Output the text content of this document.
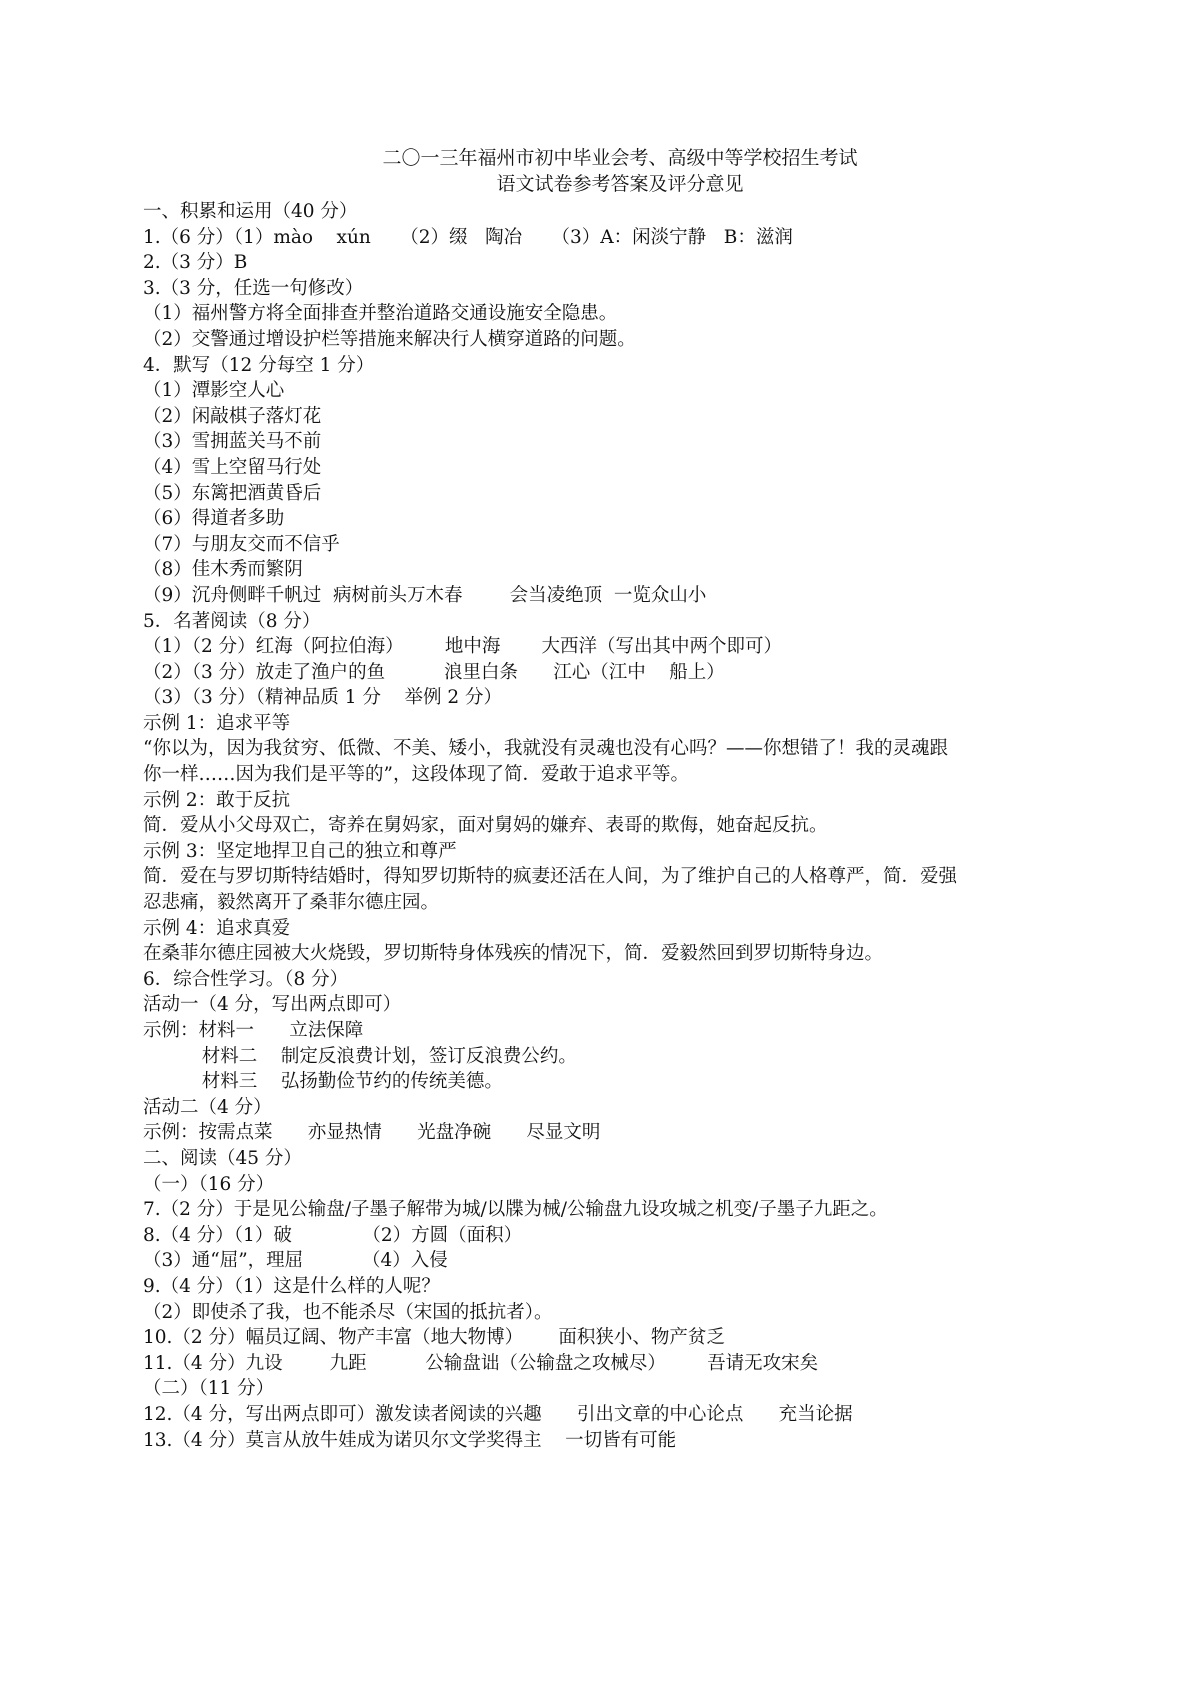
二〇一三年福州市初中毕业会考、高级中等学校招生考试

语文试卷参考答案及评分意见

一、积累和运用（40 分）

1.（6 分）（1）mào    xún     （2）缀   陶冶     （3）A：闲淡宁静   B：滋润

2.（3 分）B

3.（3 分，任选一句修改）

（1）福州警方将全面排查并整治道路交通设施安全隐患。

（2）交警通过增设护栏等措施来解决行人横穿道路的问题。

4．默写（12 分每空 1 分）

（1）潭影空人心

（2）闲敲棋子落灯花

（3）雪拥蓝关马不前

（4）雪上空留马行处

（5）东篱把酒黄昏后

（6）得道者多助

（7）与朋友交而不信乎

（8）佳木秀而繁阴

（9）沉舟侧畔千帆过  病树前头万木春        会当凌绝顶  一览众山小

5．名著阅读（8 分）

（1）（2 分）红海（阿拉伯海）       地中海       大西洋（写出其中两个即可）

（2）（3 分）放走了渔户的鱼          浪里白条      江心（江中    船上）

（3）（3 分）（精神品质 1 分    举例 2 分）

示例 1：追求平等

“你以为，因为我贫穷、低微、不美、矮小，我就没有灵魂也没有心吗？——你想错了！我的灵魂跟

你一样……因为我们是平等的”，这段体现了简．爱敢于追求平等。

示例 2：敢于反抗

简．爱从小父母双亡，寄养在舅妈家，面对舅妈的嫌弃、表哥的欺侮，她奋起反抗。

示例 3：坚定地捍卫自己的独立和尊严

简．爱在与罗切斯特结婚时，得知罗切斯特的疯妻还活在人间，为了维护自己的人格尊严，简．爱强

忍悲痛，毅然离开了桑菲尔德庄园。

示例 4：追求真爱

在桑菲尔德庄园被大火烧毁，罗切斯特身体残疾的情况下，简．爱毅然回到罗切斯特身边。

6．综合性学习。（8 分）

活动一（4 分，写出两点即可）

示例：材料一      立法保障

材料二    制定反浪费计划，签订反浪费公约。

材料三    弘扬勤俭节约的传统美德。

活动二（4 分）

示例：按需点菜      亦显热情      光盘净碗      尽显文明

二、阅读（45 分）

（一）（16 分）

7.（2 分）于是见公输盘/子墨子解带为城/以牒为械/公输盘九设攻城之机变/子墨子九距之。

8.（4 分）（1）破            （2）方圆（面积）

（3）通“屈”，理屈          （4）入侵

9.（4 分）（1）这是什么样的人呢？

（2）即使杀了我，也不能杀尽（宋国的抵抗者）。

10.（2 分）幅员辽阔、物产丰富（地大物博）      面积狭小、物产贫乏

11.（4 分）九设        九距          公输盘诎（公输盘之攻械尽）       吾请无攻宋矣

（二）（11 分）

12.（4 分，写出两点即可）激发读者阅读的兴趣      引出文章的中心论点      充当论据

13.（4 分）莫言从放牛娃成为诺贝尔文学奖得主    一切皆有可能
